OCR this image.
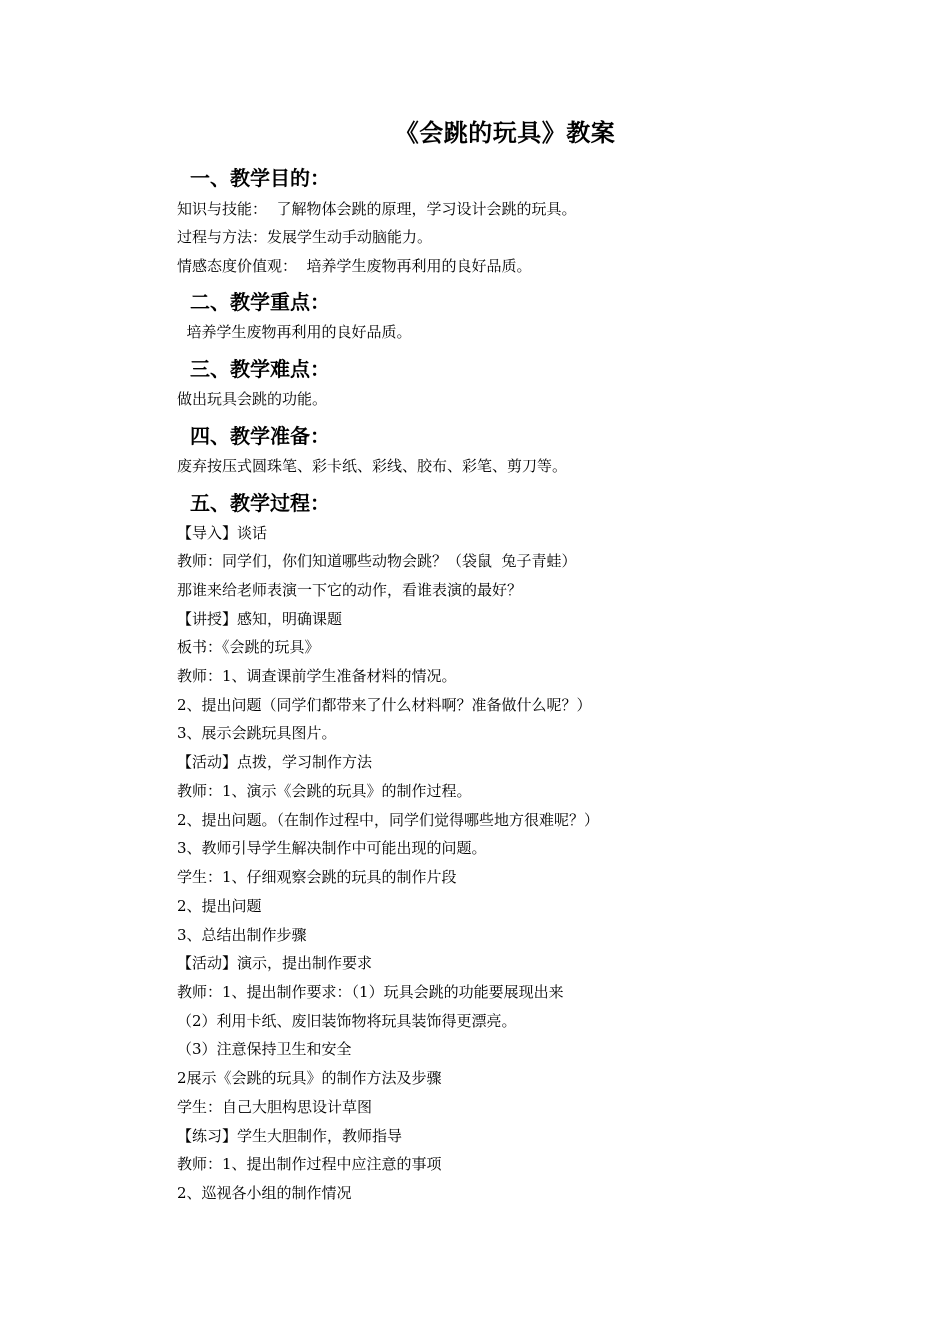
《会跳的玩具》教案
一、教学目的：
知识与技能：  了解物体会跳的原理，学习设计会跳的玩具。
过程与方法：发展学生动手动脑能力。
情感态度价值观：  培养学生废物再利用的良好品质。
二、教学重点：
培养学生废物再利用的良好品质。
三、教学难点：
做出玩具会跳的功能。
四、教学准备：
废弃按压式圆珠笔、彩卡纸、彩线、胶布、彩笔、剪刀等。
五、教学过程：
【导入】谈话
教师：同学们，你们知道哪些动物会跳？（袋鼠  兔子青蛙）
那谁来给老师表演一下它的动作，看谁表演的最好？
【讲授】感知，明确课题
板书：《会跳的玩具》
教师：1、调查课前学生准备材料的情况。
2、提出问题（同学们都带来了什么材料啊？准备做什么呢？）
3、展示会跳玩具图片。
【活动】点拨，学习制作方法
教师：1、演示《会跳的玩具》的制作过程。
2、提出问题。（在制作过程中，同学们觉得哪些地方很难呢？）
3、教师引导学生解决制作中可能出现的问题。
学生：1、仔细观察会跳的玩具的制作片段
2、提出问题
3、总结出制作步骤
【活动】演示，提出制作要求
教师：1、提出制作要求：（1）玩具会跳的功能要展现出来
（2）利用卡纸、废旧装饰物将玩具装饰得更漂亮。
（3）注意保持卫生和安全
2展示《会跳的玩具》的制作方法及步骤
学生：自己大胆构思设计草图
【练习】学生大胆制作，教师指导
教师：1、提出制作过程中应注意的事项
2、巡视各小组的制作情况
